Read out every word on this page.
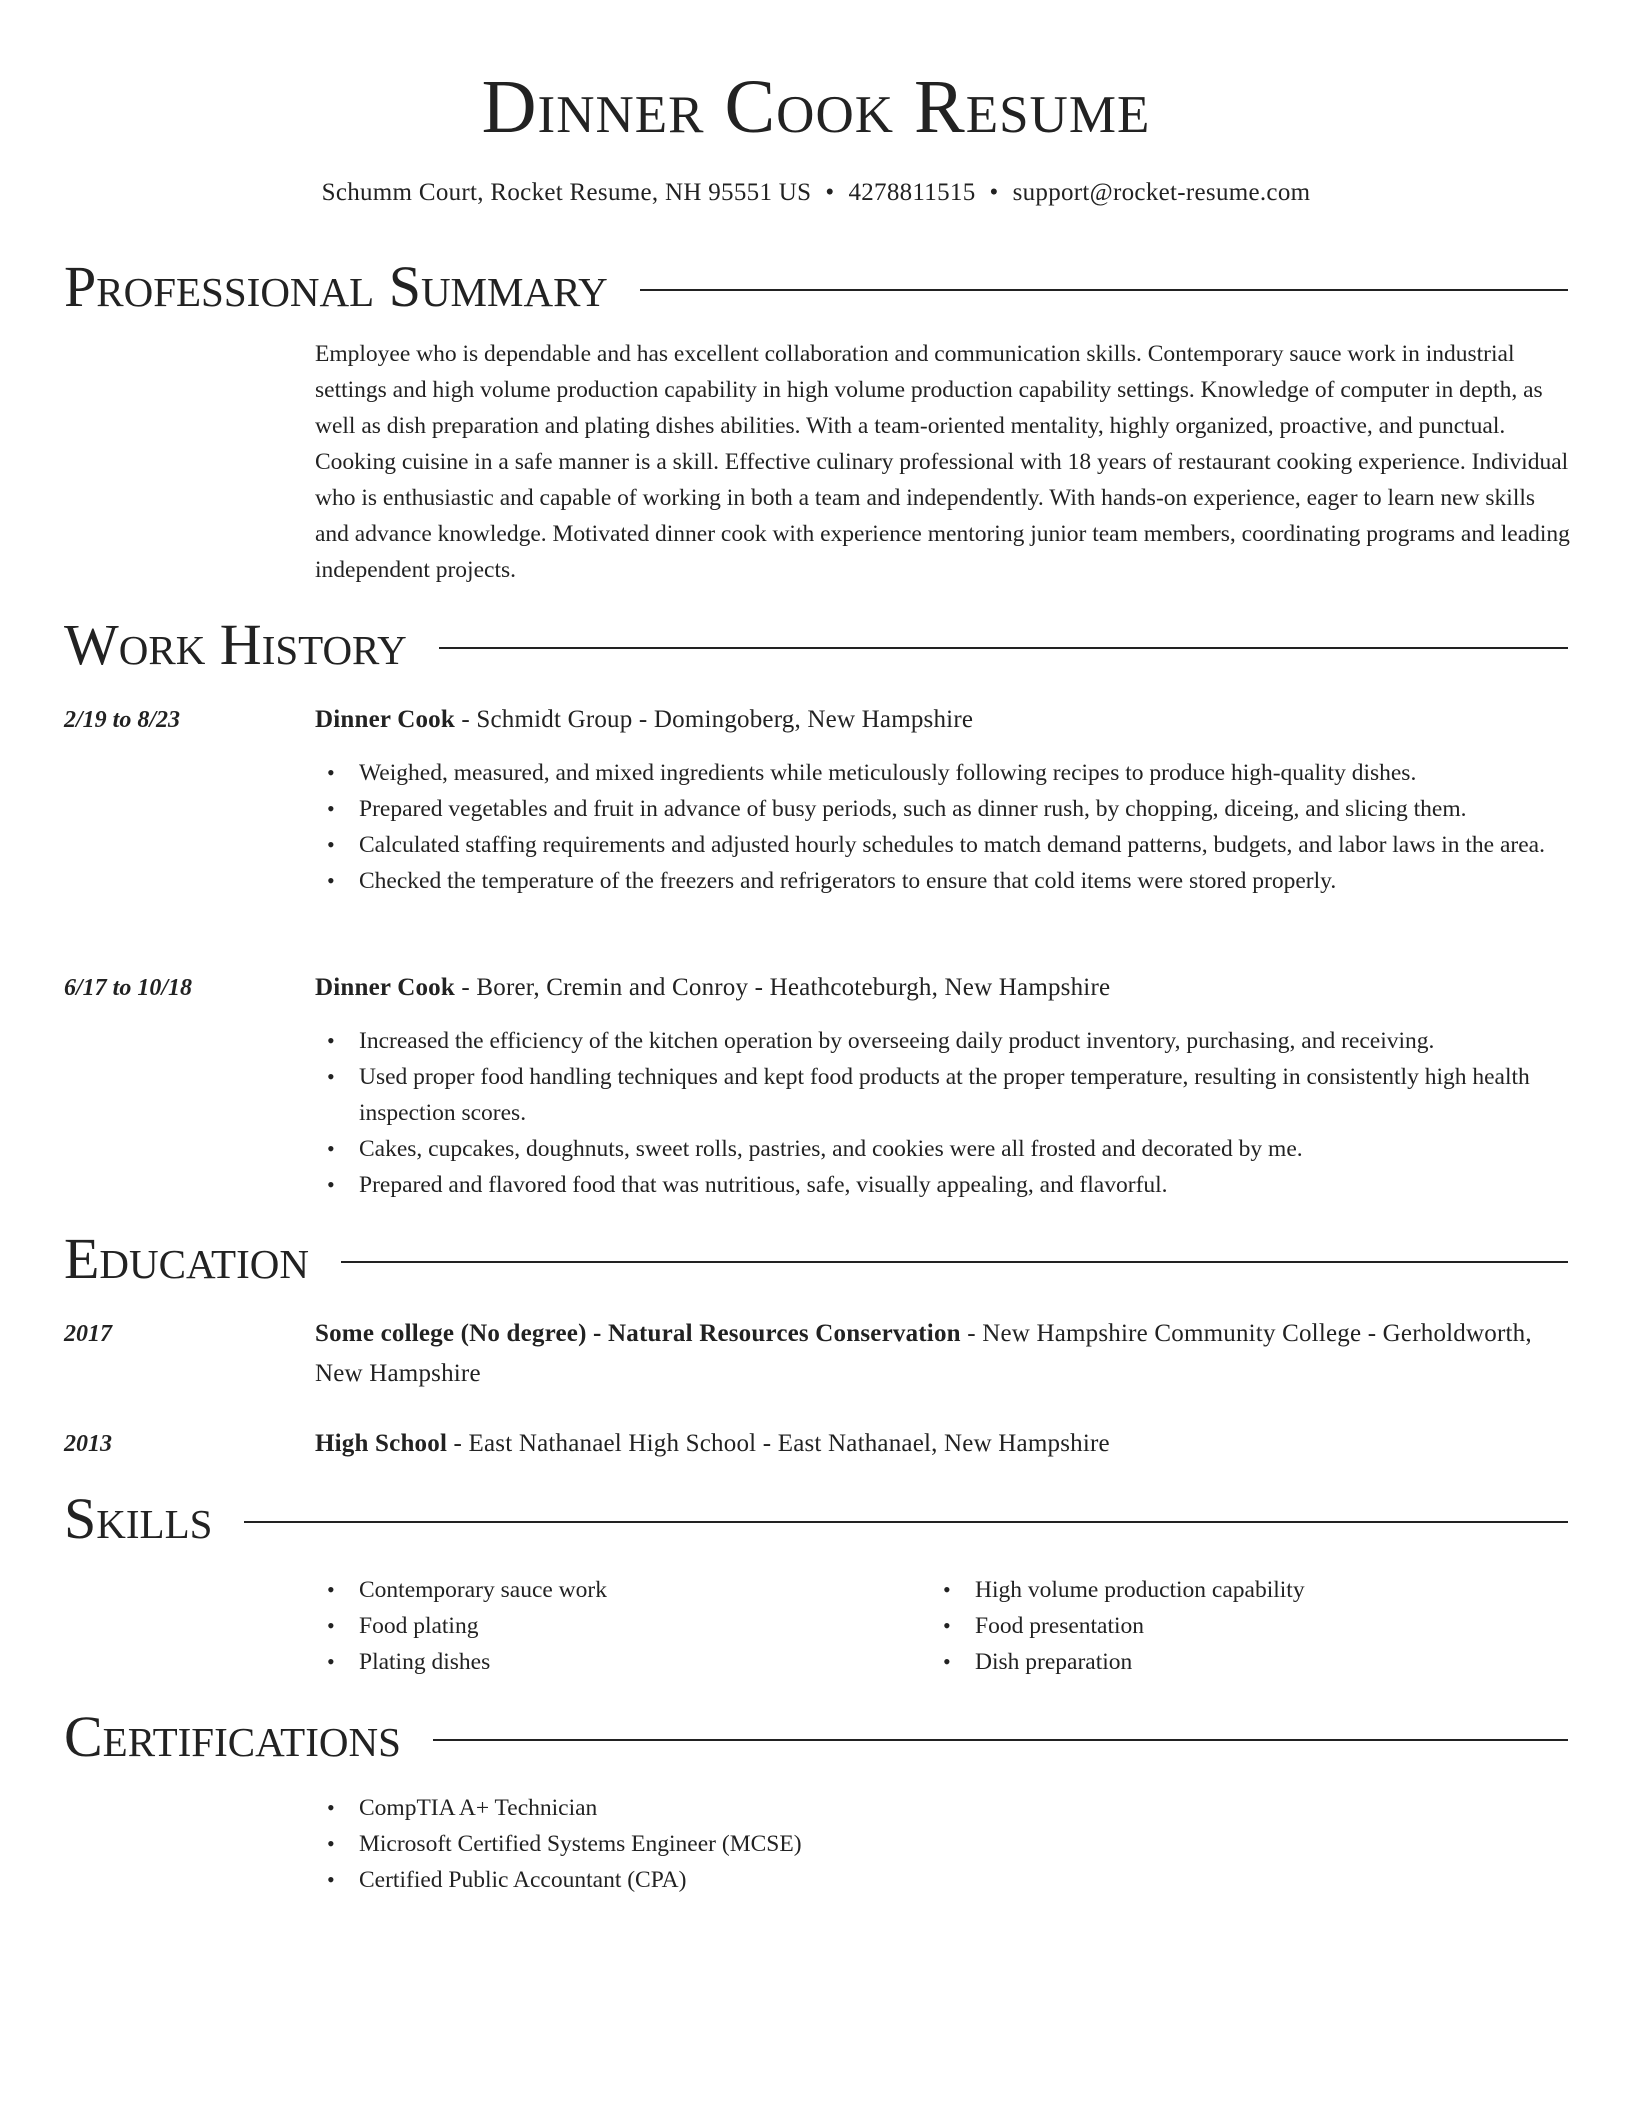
Dinner Cook Resume
Schumm Court, Rocket Resume, NH 95551 US • 4278811515 • support@rocket-resume.com
Professional Summary

Employee who is dependable and has excellent collaboration and communication skills. Contemporary sauce work in industrial settings and high volume production capability in high volume production capability settings. Knowledge of computer in depth, as well as dish preparation and plating dishes abilities. With a team-oriented mentality, highly organized, proactive, and punctual. Cooking cuisine in a safe manner is a skill. Effective culinary professional with 18 years of restaurant cooking experience. Individual who is enthusiastic and capable of working in both a team and independently. With hands-on experience, eager to learn new skills and advance knowledge. Motivated dinner cook with experience mentoring junior team members, coordinating programs and leading independent projects.

Work History
2/19 to 8/23	Dinner Cook - Schmidt Group - Domingoberg, New Hampshire
• Weighed, measured, and mixed ingredients while meticulously following recipes to produce high-quality dishes.
• Prepared vegetables and fruit in advance of busy periods, such as dinner rush, by chopping, diceing, and slicing them.
• Calculated staffing requirements and adjusted hourly schedules to match demand patterns, budgets, and labor laws in the area.
• Checked the temperature of the freezers and refrigerators to ensure that cold items were stored properly.
6/17 to 10/18	Dinner Cook - Borer, Cremin and Conroy - Heathcoteburgh, New Hampshire
• Increased the efficiency of the kitchen operation by overseeing daily product inventory, purchasing, and receiving.
• Used proper food handling techniques and kept food products at the proper temperature, resulting in consistently high health inspection scores.
• Cakes, cupcakes, doughnuts, sweet rolls, pastries, and cookies were all frosted and decorated by me.
• Prepared and flavored food that was nutritious, safe, visually appealing, and flavorful.
Education
2017	Some college (No degree) - Natural Resources Conservation - New Hampshire Community College - Gerholdworth, New Hampshire
2013	High School - East Nathanael High School - East Nathanael, New Hampshire
Skills
• Contemporary sauce work
• Food plating
• Plating dishes
• High volume production capability
• Food presentation
• Dish preparation
Certifications
• CompTIA A+ Technician
• Microsoft Certified Systems Engineer (MCSE)
• Certified Public Accountant (CPA)
